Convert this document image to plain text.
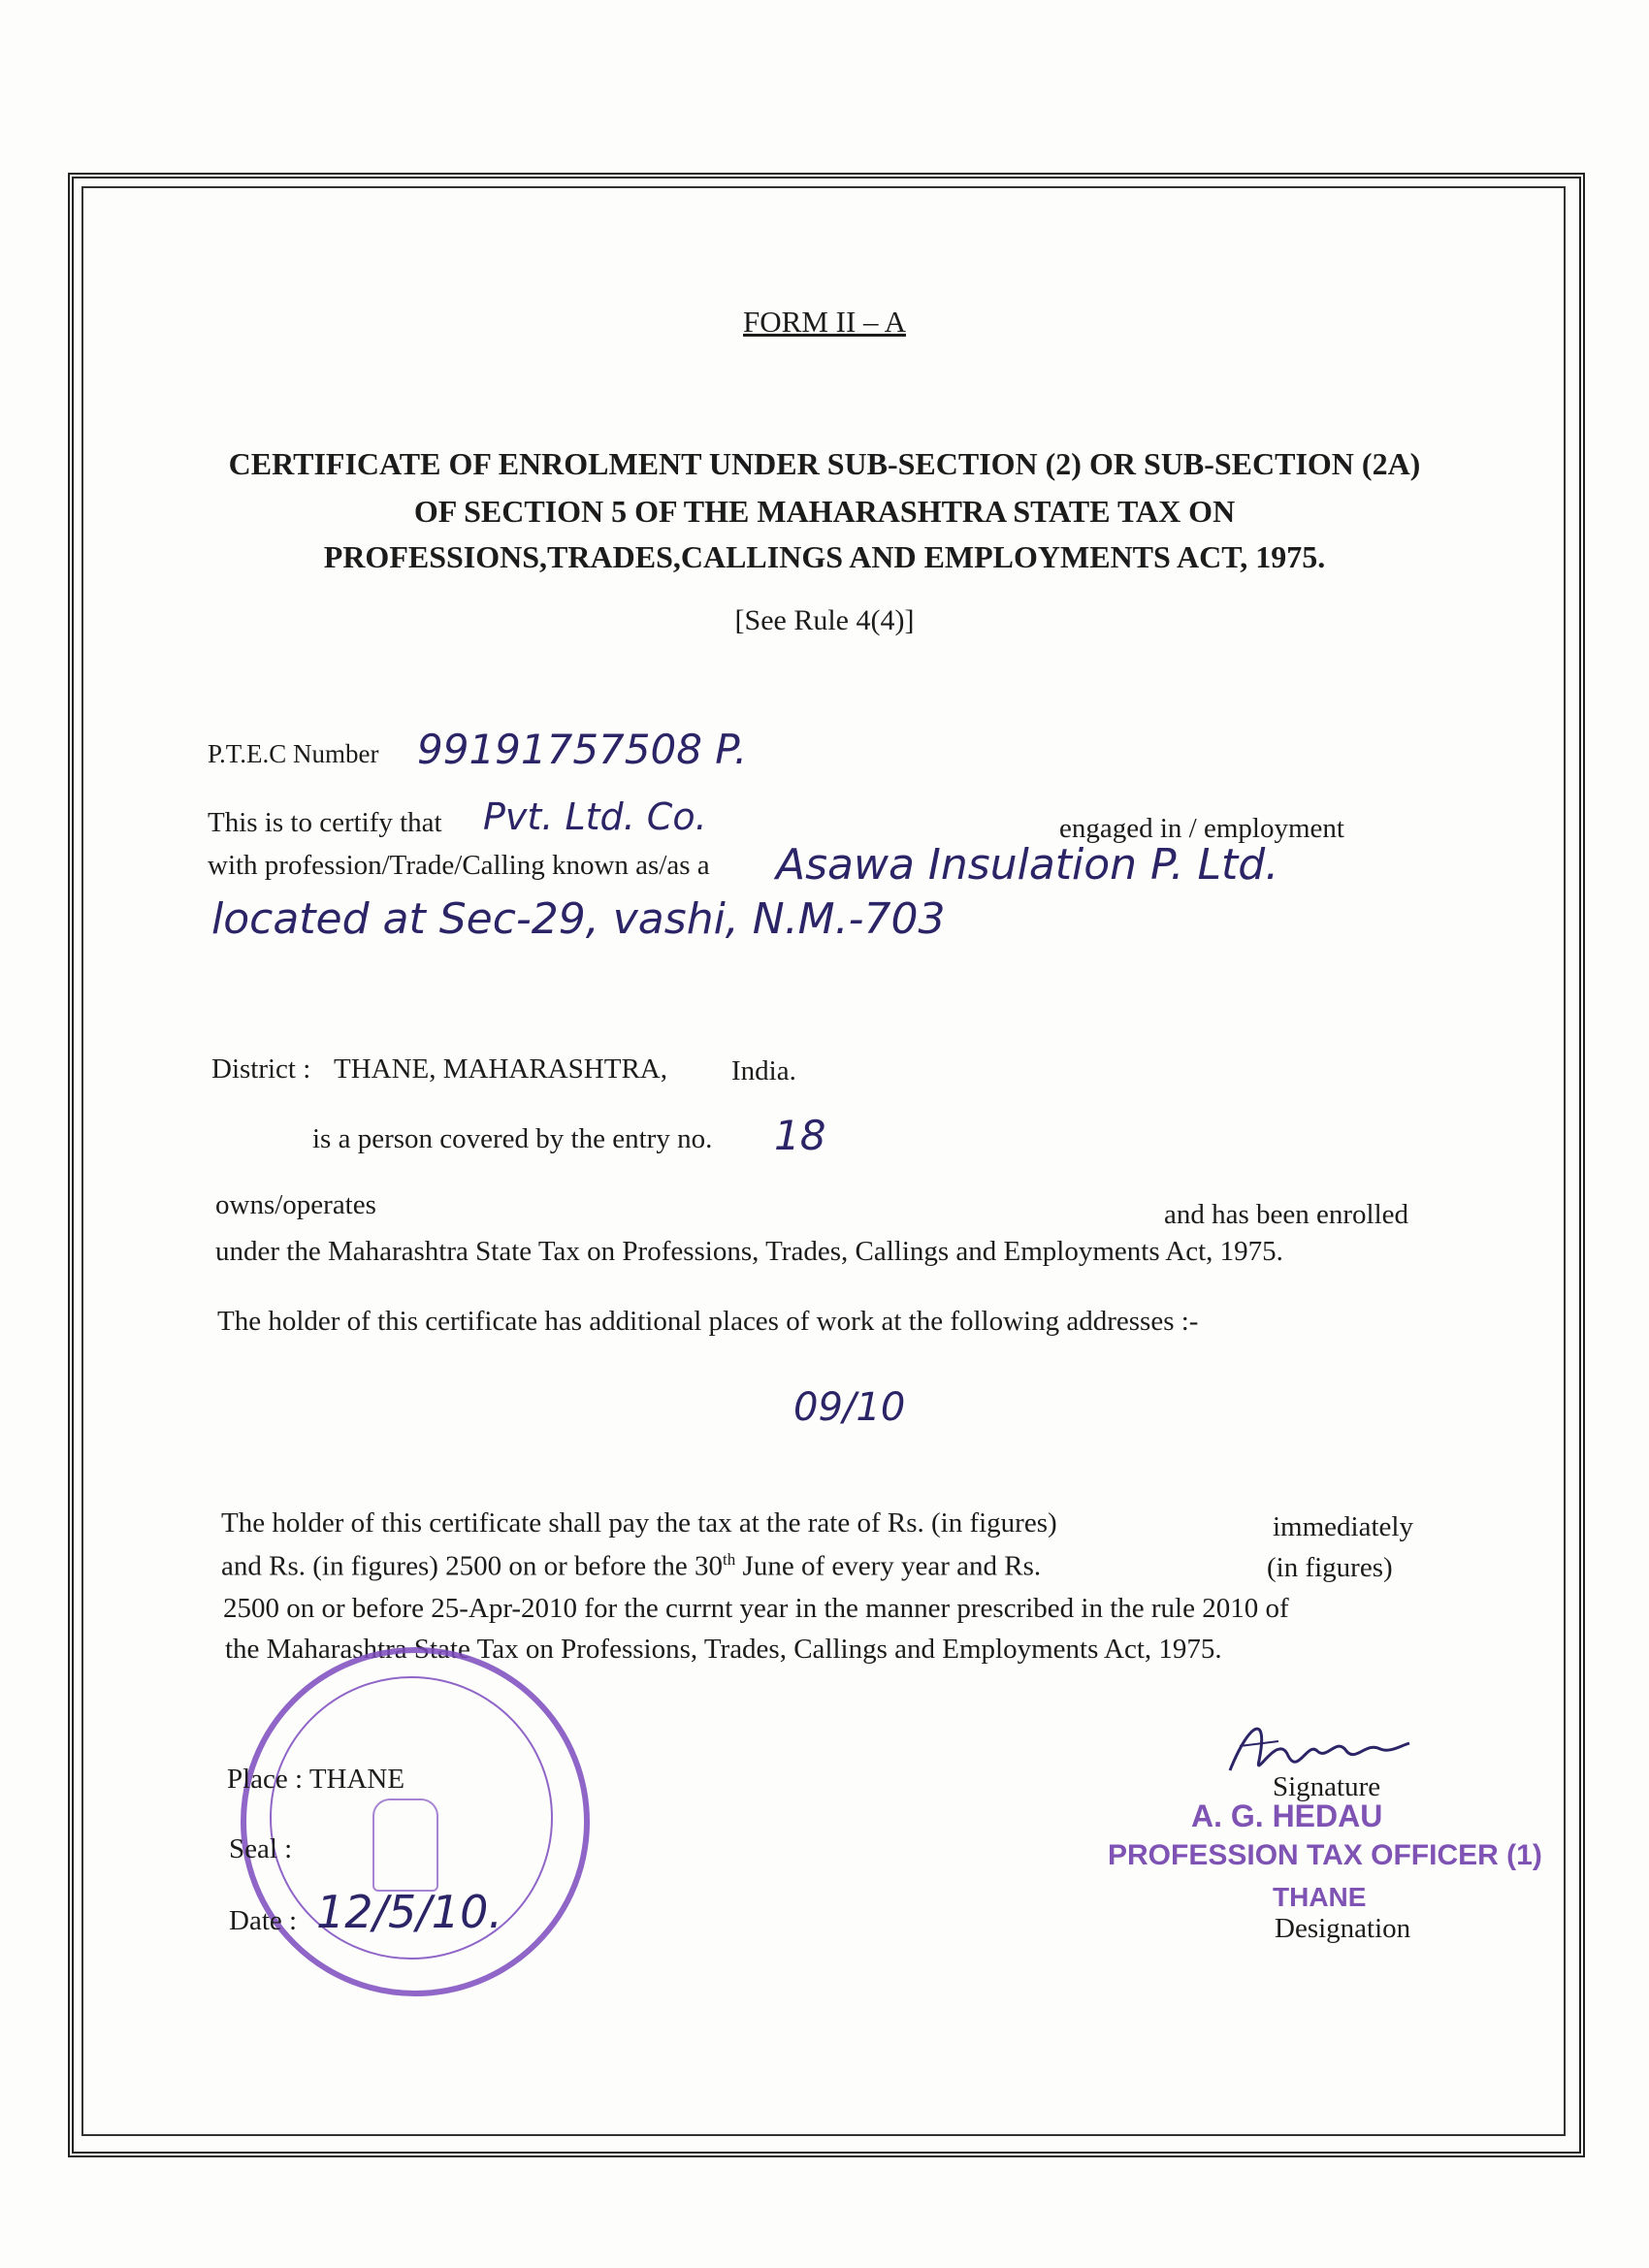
FORM II – A
CERTIFICATE OF ENROLMENT UNDER SUB-SECTION (2) OR SUB-SECTION (2A)
OF SECTION 5 OF THE MAHARASHTRA STATE TAX ON
PROFESSIONS,TRADES,CALLINGS AND EMPLOYMENTS ACT, 1975.
[See Rule 4(4)]
P.T.E.C Number 99191757508 P.
This is to certify that Pvt. Ltd. Co.	engaged in / employment
with profession/Trade/Calling known as/as a Asawa Insulation P. Ltd.
located at Sec-29, vashi, N.M.-703
District : THANE, MAHARASHTRA, India.
is a person covered by the entry no. 18
owns/operates	and has been enrolled
under the Maharashtra State Tax on Professions, Trades, Callings and Employments Act, 1975.
The holder of this certificate has additional places of work at the following addresses :-
09/10
The holder of this certificate shall pay the tax at the rate of Rs. (in figures)	immediately
and Rs. (in figures) 2500 on or before the 30th June of every year and Rs.	(in figures)
2500 on or before 25-Apr-2010 for the currnt year in the manner prescribed in the rule 2010 of
the Maharashtra State Tax on Professions, Trades, Callings and Employments Act, 1975.
Place : THANE
Seal :
Date : 12/5/10.
Signature
A. G. HEDAU
PROFESSION TAX OFFICER (1)
THANE
Designation
